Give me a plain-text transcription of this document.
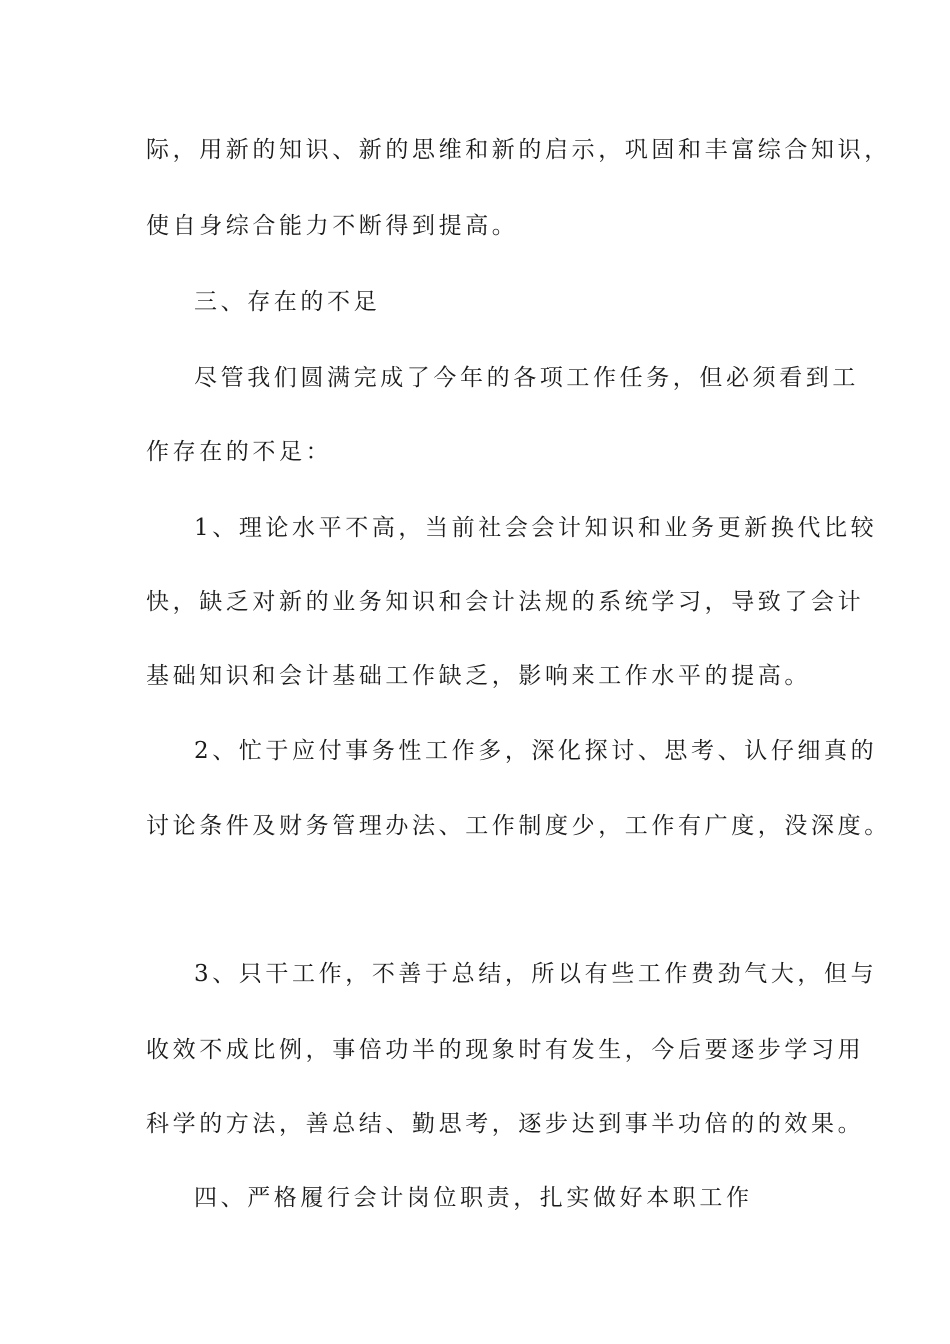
际，用新的知识、新的思维和新的启示，巩固和丰富综合知识，
使自身综合能力不断得到提高。
三、存在的不足
尽管我们圆满完成了今年的各项工作任务，但必须看到工
作存在的不足：
1、理论水平不高，当前社会会计知识和业务更新换代比较
快，缺乏对新的业务知识和会计法规的系统学习，导致了会计
基础知识和会计基础工作缺乏，影响来工作水平的提高。
2、忙于应付事务性工作多，深化探讨、思考、认仔细真的
讨论条件及财务管理办法、工作制度少，工作有广度，没深度。
3、只干工作，不善于总结，所以有些工作费劲气大，但与
收效不成比例，事倍功半的现象时有发生，今后要逐步学习用
科学的方法，善总结、勤思考，逐步达到事半功倍的的效果。
四、严格履行会计岗位职责，扎实做好本职工作
